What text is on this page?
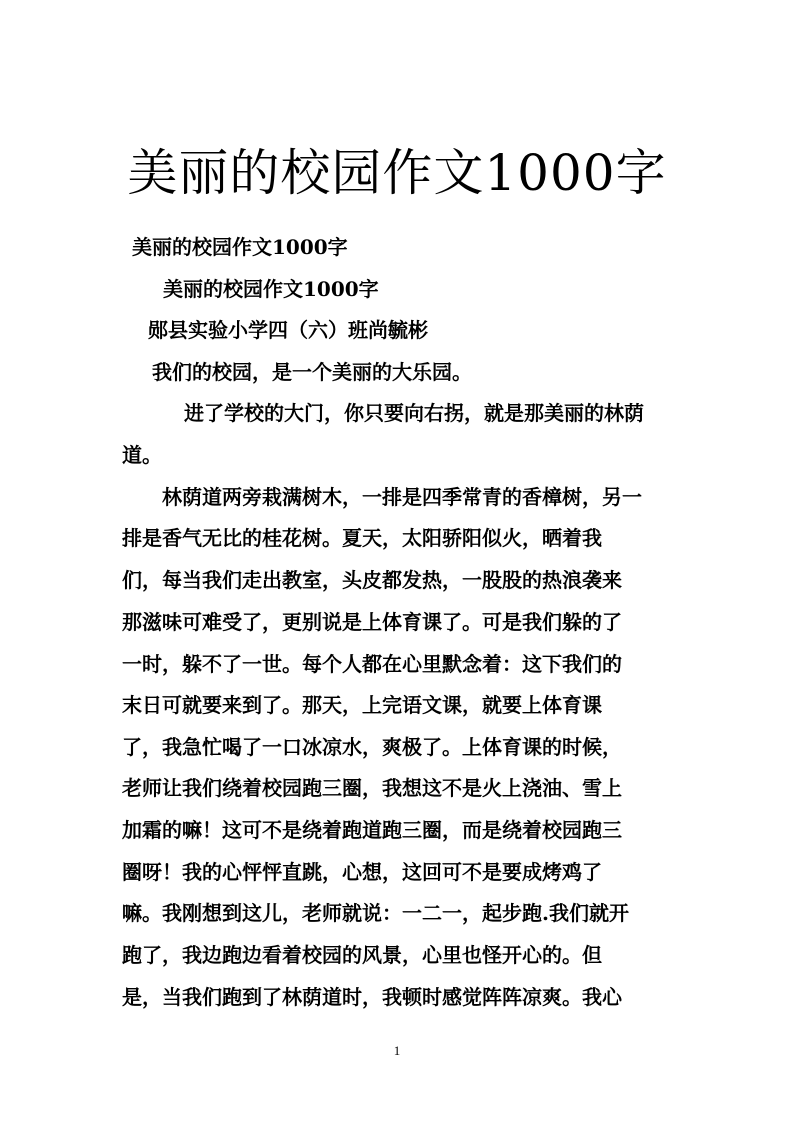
美丽的校园作文1000字
美丽的校园作文1000字
美丽的校园作文1000字
郧县实验小学四（六）班尚毓彬
我们的校园，是一个美丽的大乐园。
进了学校的大门，你只要向右拐，就是那美丽的林荫
道。
林荫道两旁栽满树木，一排是四季常青的香樟树，另一
排是香气无比的桂花树。夏天，太阳骄阳似火，晒着我
们，每当我们走出教室，头皮都发热，一股股的热浪袭来
那滋味可难受了，更别说是上体育课了。可是我们躲的了
一时，躲不了一世。每个人都在心里默念着：这下我们的
末日可就要来到了。那天，上完语文课，就要上体育课
了，我急忙喝了一口冰凉水，爽极了。上体育课的时候，
老师让我们绕着校园跑三圈，我想这不是火上浇油、雪上
加霜的嘛！这可不是绕着跑道跑三圈，而是绕着校园跑三
圈呀！我的心怦怦直跳，心想，这回可不是要成烤鸡了
嘛。我刚想到这儿，老师就说：一二一，起步跑.我们就开
跑了，我边跑边看着校园的风景，心里也怪开心的。但
是，当我们跑到了林荫道时，我顿时感觉阵阵凉爽。我心
1
